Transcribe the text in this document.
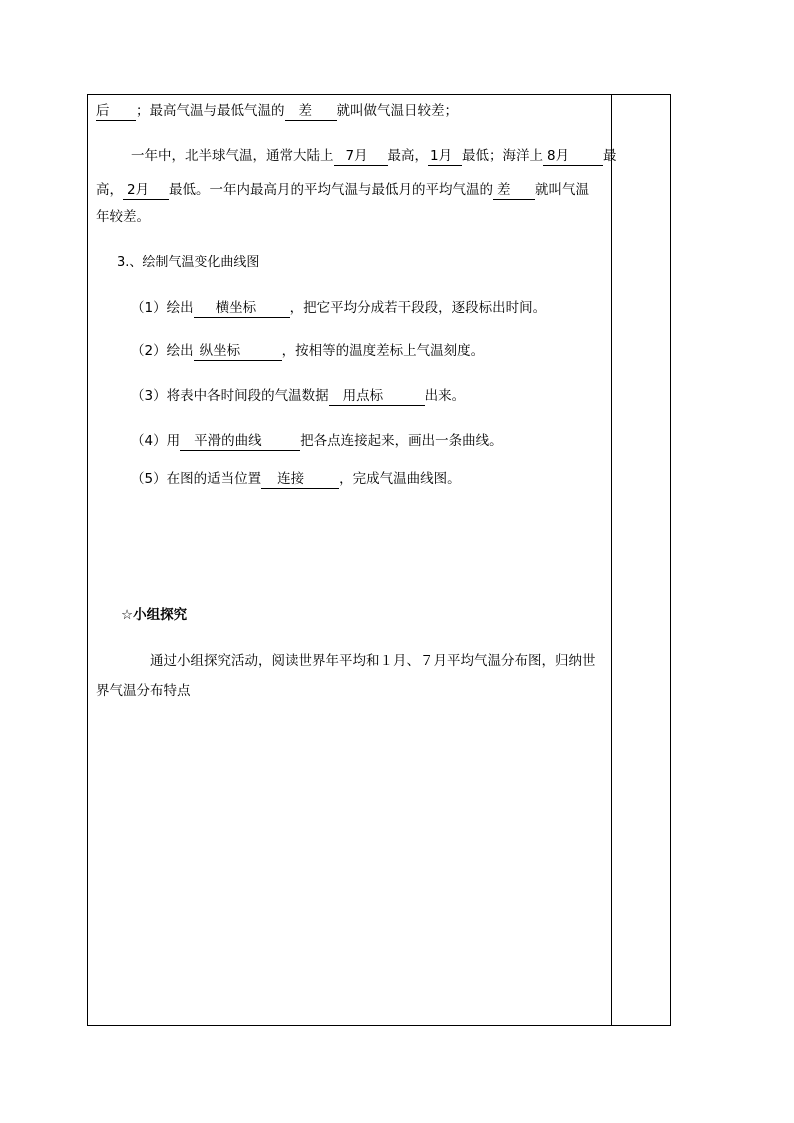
后 ；最高气温与最低气温的 差 就叫做气温日较差；
一年中，北半球气温，通常大陆上 7月 最高， 1月 最低；海洋上 8月	最
高， 2月 最低。一年内最高月的平均气温与最低月的平均气温的 差 就叫气温
年较差。
3.、绘制气温变化曲线图
（1）绘出 横坐标 ，把它平均分成若干段段，逐段标出时间。
（2）绘出 纵坐标	，按相等的温度差标上气温刻度。
（3）将表中各时间段的气温数据 用点标	出来。
（4）用 平滑的曲线	把各点连接起来，画出一条曲线。
（5）在图的适当位置 连接	，完成气温曲线图。
☆小组探究
通过小组探究活动，阅读世界年平均和１月、７月平均气温分布图，归纳世
界气温分布特点
